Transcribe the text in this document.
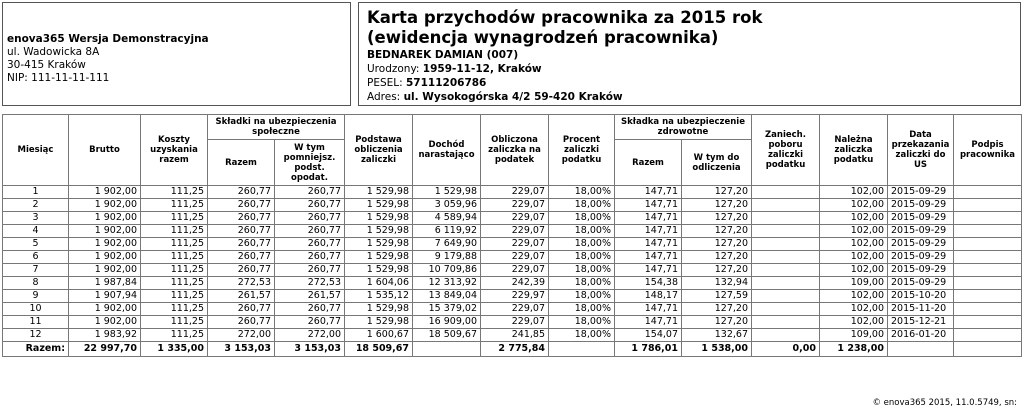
enova365 Wersja Demonstracyjna
ul. Wadowicka 8A
30-415 Kraków
NIP: 111-11-11-111
Karta przychodów pracownika za 2015 rok
(ewidencja wynagrodzeń pracownika)
BEDNAREK DAMIAN (007)
Urodzony: 1959-11-12, Kraków
PESEL: 57111206786
Adres: ul. Wysokogórska 4/2 59-420 Kraków
Miesiąc	Brutto	Koszty uzyskania razem	Składki na ubezpieczenia społeczne		Podstawa obliczenia zaliczki	Dochód narastająco	Obliczona zaliczka na podatek	Procent zaliczki podatku	Składka na ubezpieczenie zdrowotne		Zaniech. poboru zaliczki podatku	Należna zaliczka podatku	Data przekazania zaliczki do US	Podpis pracownika
			Razem	W tym pomniejsz. podst. opodat.					Razem	W tym do odliczenia				
1	1 902,00	111,25	260,77	260,77	1 529,98	1 529,98	229,07	18,00%	147,71	127,20		102,00	2015-09-29	
2	1 902,00	111,25	260,77	260,77	1 529,98	3 059,96	229,07	18,00%	147,71	127,20		102,00	2015-09-29	
3	1 902,00	111,25	260,77	260,77	1 529,98	4 589,94	229,07	18,00%	147,71	127,20		102,00	2015-09-29	
4	1 902,00	111,25	260,77	260,77	1 529,98	6 119,92	229,07	18,00%	147,71	127,20		102,00	2015-09-29	
5	1 902,00	111,25	260,77	260,77	1 529,98	7 649,90	229,07	18,00%	147,71	127,20		102,00	2015-09-29	
6	1 902,00	111,25	260,77	260,77	1 529,98	9 179,88	229,07	18,00%	147,71	127,20		102,00	2015-09-29	
7	1 902,00	111,25	260,77	260,77	1 529,98	10 709,86	229,07	18,00%	147,71	127,20		102,00	2015-09-29	
8	1 987,84	111,25	272,53	272,53	1 604,06	12 313,92	242,39	18,00%	154,38	132,94		109,00	2015-09-29	
9	1 907,94	111,25	261,57	261,57	1 535,12	13 849,04	229,97	18,00%	148,17	127,59		102,00	2015-10-20	
10	1 902,00	111,25	260,77	260,77	1 529,98	15 379,02	229,07	18,00%	147,71	127,20		102,00	2015-11-20	
11	1 902,00	111,25	260,77	260,77	1 529,98	16 909,00	229,07	18,00%	147,71	127,20		102,00	2015-12-21	
12	1 983,92	111,25	272,00	272,00	1 600,67	18 509,67	241,85	18,00%	154,07	132,67		109,00	2016-01-20	
Razem:	22 997,70	1 335,00	3 153,03	3 153,03	18 509,67		2 775,84		1 786,01	1 538,00	0,00	1 238,00		
© enova365 2015, 11.0.5749, sn:
